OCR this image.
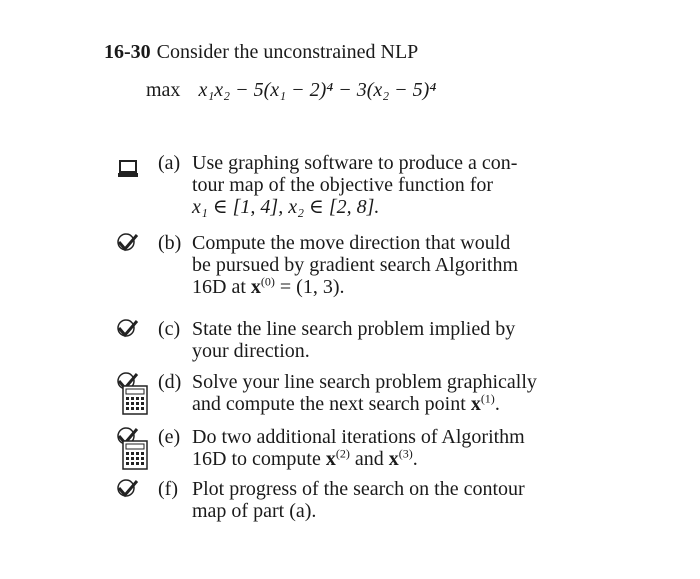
16-30 Consider the unconstrained NLP
max x₁x₂ − 5(x₁ − 2)⁴ − 3(x₂ − 5)⁴
(a) Use graphing software to produce a con-
tour map of the objective function for
x₁ ∈ [1, 4], x₂ ∈ [2, 8].
(b) Compute the move direction that would
be pursued by gradient search Algorithm
16D at $x^{(0)} = (1$, 3).
(c) State the line search problem implied by
your direction.
(d) Solve your line search problem graphically
and compute the next search point $x^{(1)}$.
(e) Do two additional iterations of Algorithm
16D to compute $x^{(2)}$ and $x^{(3)}$.
(f) Plot progress of the search on the contour
map of part (a).
